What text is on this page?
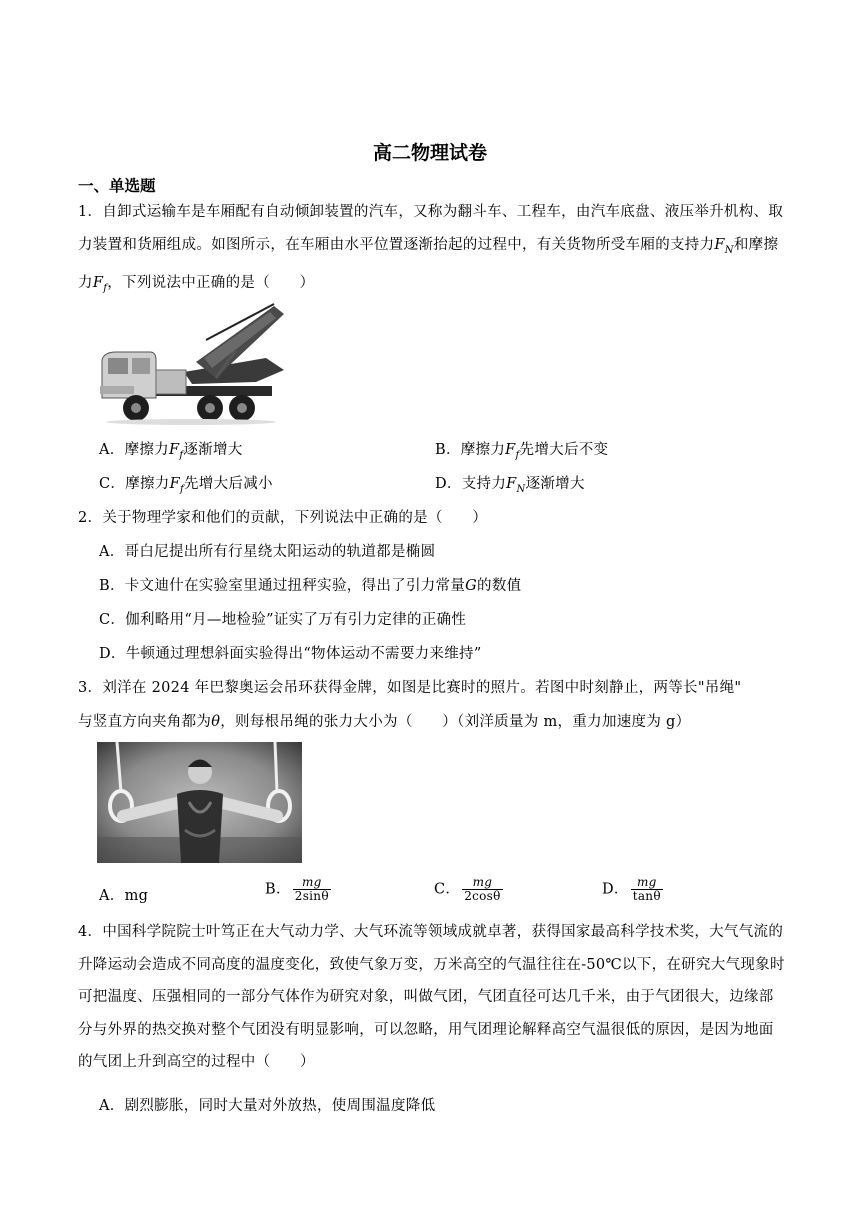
高二物理试卷
一、单选题
1．自卸式运输车是车厢配有自动倾卸装置的汽车，又称为翻斗车、工程车，由汽车底盘、液压举升机构、取力装置和货厢组成。如图所示，在车厢由水平位置逐渐抬起的过程中，有关货物所受车厢的支持力$F_N$和摩擦力$F_f$，下列说法中正确的是（　　）
A．摩擦力$F_f$逐渐增大	B．摩擦力$F_f$先增大后不变
C．摩擦力$F_f$先增大后减小	D．支持力$F_N$逐渐增大
2．关于物理学家和他们的贡献，下列说法中正确的是（　　）
A．哥白尼提出所有行星绕太阳运动的轨道都是椭圆
B．卡文迪什在实验室里通过扭秤实验，得出了引力常量G的数值
C．伽利略用“月—地检验”证实了万有引力定律的正确性
D．牛顿通过理想斜面实验得出“物体运动不需要力来维持”
3．刘洋在 2024 年巴黎奥运会吊环获得金牌，如图是比赛时的照片。若图中时刻静止，两等长"吊绳"
与竖直方向夹角都为θ，则每根吊绳的张力大小为（　　）（刘洋质量为 m，重力加速度为 g）
A．mg	B． $\frac{mg}{2\sin\theta}$	C． $\frac{mg}{2\cos\theta}$	D． $\frac{mg}{\tan\theta}$
4．中国科学院院士叶笃正在大气动力学、大气环流等领域成就卓著，获得国家最高科学技术奖，大气气流的升降运动会造成不同高度的温度变化，致使气象万变，万米高空的气温往往在-50℃以下，在研究大气现象时可把温度、压强相同的一部分气体作为研究对象，叫做气团，气团直径可达几千米，由于气团很大，边缘部分与外界的热交换对整个气团没有明显影响，可以忽略，用气团理论解释高空气温很低的原因，是因为地面的气团上升到高空的过程中（　　）
A．剧烈膨胀，同时大量对外放热，使周围温度降低
